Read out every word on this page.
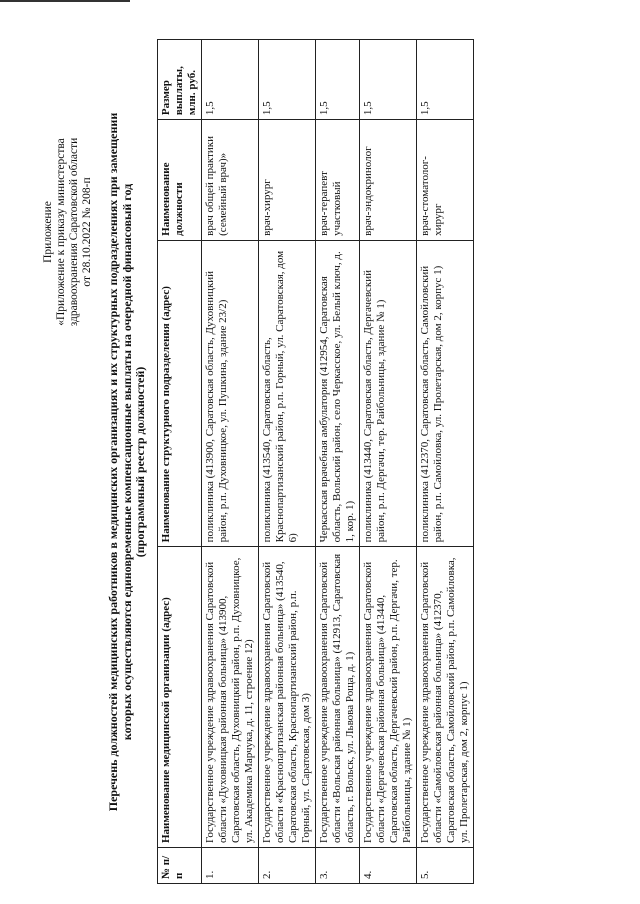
Приложение «Приложение к приказу министерства здравоохранения Саратовской области от 28.10.2022 № 208-п Перечень должностей медицинских работников в медицинских организациях и их структурных подразделениях при замещении которых осуществляются единовременные компенсационные выплаты на очередной финансовый год (программный реестр должностей)
№ п/п	Наименование медицинской организации (адрес)	Наименование структурного подразделения (адрес)	Наименование должности	Размер выплаты, млн. руб.
1.	Государственное учреждение здравоохранения Саратовской области «Духовницкая районная больница» (413900, Саратовская область, Духовницкий район, р.п. Духовницкое, ул. Академика Марчука, д. 11, строение 12)	поликлиника (413900, Саратовская область, Духовницкий район, р.п. Духовницкое, ул. Пушкина, здание 23/2)	врач общей практики (семейный врач)»	1,5
2.	Государственное учреждение здравоохранения Саратовской области «Краснопартизанская районная больница» (413540, Саратовская область, Краснопартизанский район, р.п. Горный, ул. Саратовская, дом 3)	поликлиника (413540, Саратовская область, Краснопартизанский район, р.п. Горный, ул. Саратовская, дом 6)	врач-хирург	1,5
3.	Государственное учреждение здравоохранения Саратовской области «Вольская районная больница» (412913, Саратовская область, г. Вольск, ул. Львова Роща, д. 1)	Черкасская врачебная амбулатория (412954, Саратовская область, Вольский район, село Черкасское, ул. Белый ключ, д. 1, кор. 1)	врач-терапевт участковый	1,5
4.	Государственное учреждение здравоохранения Саратовской области «Дергачевская районная больница» (413440, Саратовская область, Дергачевский район, р.п. Дергачи, тер. Райбольницы, здание № 1)	поликлиника (413440, Саратовская область, Дергачевский район, р.п. Дергачи, тер. Райбольницы, здание № 1)	врач-эндокринолог	1,5
5.	Государственное учреждение здравоохранения Саратовской области «Самойловская районная больница» (412370, Саратовская область, Самойловский район, р.п. Самойловка, ул. Пролетарская, дом 2, корпус 1)	поликлиника (412370, Саратовская область, Самойловский район, р.п. Самойловка, ул. Пролетарская, дом 2, корпус 1)	врач-стоматолог-хирург	1,5
